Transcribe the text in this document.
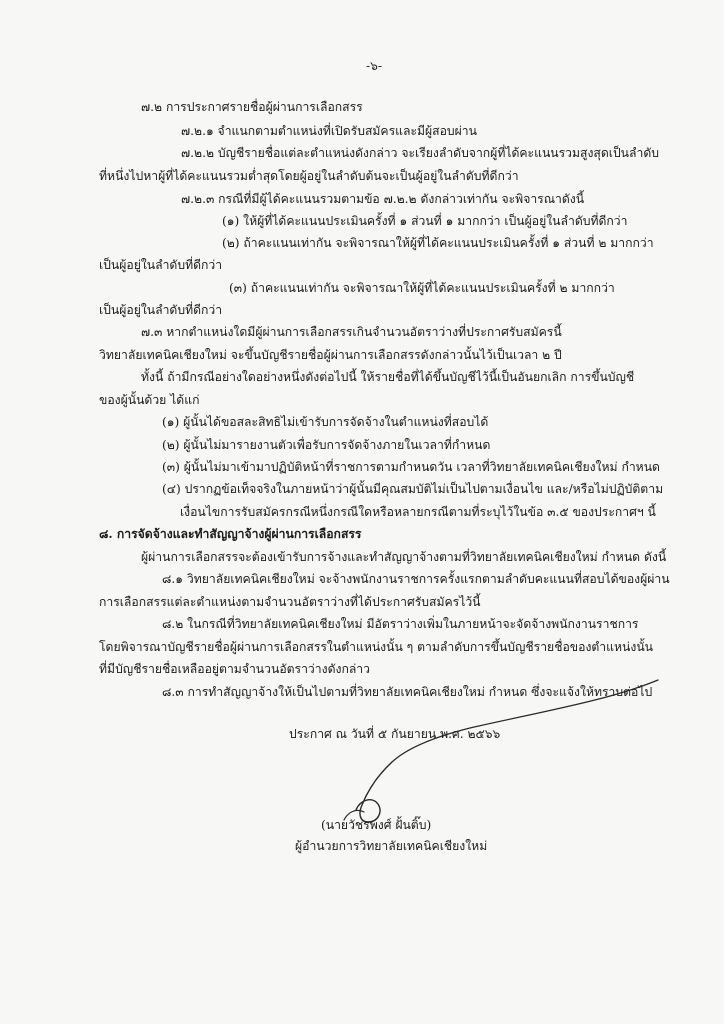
-๖-
๗.๒ การประกาศรายชื่อผู้ผ่านการเลือกสรร
๗.๒.๑ จำแนกตามตำแหน่งที่เปิดรับสมัครและมีผู้สอบผ่าน
๗.๒.๒ บัญชีรายชื่อแต่ละตำแหน่งดังกล่าว จะเรียงลำดับจากผู้ที่ได้คะแนนรวมสูงสุดเป็นลำดับ
ที่หนึ่งไปหาผู้ที่ได้คะแนนรวมต่ำสุดโดยผู้อยู่ในลำดับต้นจะเป็นผู้อยู่ในลำดับที่ดีกว่า
๗.๒.๓ กรณีที่มีผู้ได้คะแนนรวมตามข้อ ๗.๒.๒ ดังกล่าวเท่ากัน จะพิจารณาดังนี้
(๑) ให้ผู้ที่ได้คะแนนประเมินครั้งที่ ๑ ส่วนที่ ๑ มากกว่า เป็นผู้อยู่ในลำดับที่ดีกว่า
(๒) ถ้าคะแนนเท่ากัน จะพิจารณาให้ผู้ที่ได้คะแนนประเมินครั้งที่ ๑ ส่วนที่ ๒ มากกว่า
เป็นผู้อยู่ในลำดับที่ดีกว่า
(๓) ถ้าคะแนนเท่ากัน จะพิจารณาให้ผู้ที่ได้คะแนนประเมินครั้งที่ ๒ มากกว่า
เป็นผู้อยู่ในลำดับที่ดีกว่า
๗.๓ หากตำแหน่งใดมีผู้ผ่านการเลือกสรรเกินจำนวนอัตราว่างที่ประกาศรับสมัครนี้
วิทยาลัยเทคนิคเชียงใหม่ จะขึ้นบัญชีรายชื่อผู้ผ่านการเลือกสรรดังกล่าวนั้นไว้เป็นเวลา ๒ ปี
ทั้งนี้ ถ้ามีกรณีอย่างใดอย่างหนึ่งดังต่อไปนี้ ให้รายชื่อที่ได้ขึ้นบัญชีไว้นี้เป็นอันยกเลิก การขึ้นบัญชี
ของผู้นั้นด้วย ได้แก่
(๑) ผู้นั้นได้ขอสละสิทธิไม่เข้ารับการจัดจ้างในตำแหน่งที่สอบได้
(๒) ผู้นั้นไม่มารายงานตัวเพื่อรับการจัดจ้างภายในเวลาที่กำหนด
(๓) ผู้นั้นไม่มาเข้ามาปฏิบัติหน้าที่ราชการตามกำหนดวัน เวลาที่วิทยาลัยเทคนิคเชียงใหม่ กำหนด
(๔) ปรากฏข้อเท็จจริงในภายหน้าว่าผู้นั้นมีคุณสมบัติไม่เป็นไปตามเงื่อนไข และ/หรือไม่ปฏิบัติตาม
เงื่อนไขการรับสมัครกรณีหนึ่งกรณีใดหรือหลายกรณีตามที่ระบุไว้ในข้อ ๓.๕ ของประกาศฯ นี้
๘. การจัดจ้างและทำสัญญาจ้างผู้ผ่านการเลือกสรร
ผู้ผ่านการเลือกสรรจะต้องเข้ารับการจ้างและทำสัญญาจ้างตามที่วิทยาลัยเทคนิคเชียงใหม่ กำหนด ดังนี้
๘.๑ วิทยาลัยเทคนิคเชียงใหม่ จะจ้างพนักงานราชการครั้งแรกตามลำดับคะแนนที่สอบได้ของผู้ผ่าน
การเลือกสรรแต่ละตำแหน่งตามจำนวนอัตราว่างที่ได้ประกาศรับสมัครไว้นี้
๘.๒ ในกรณีที่วิทยาลัยเทคนิคเชียงใหม่ มีอัตราว่างเพิ่มในภายหน้าจะจัดจ้างพนักงานราชการ
โดยพิจารณาบัญชีรายชื่อผู้ผ่านการเลือกสรรในตำแหน่งนั้น ๆ ตามลำดับการขึ้นบัญชีรายชื่อของตำแหน่งนั้น
ที่มีบัญชีรายชื่อเหลืออยู่ตามจำนวนอัตราว่างดังกล่าว
๘.๓ การทำสัญญาจ้างให้เป็นไปตามที่วิทยาลัยเทคนิคเชียงใหม่ กำหนด ซึ่งจะแจ้งให้ทราบต่อไป
ประกาศ ณ วันที่ ๕ กันยายน พ.ศ. ๒๕๖๖
(นายวัชรพงศ์ ฝั้นติ๊บ)
ผู้อำนวยการวิทยาลัยเทคนิคเชียงใหม่
